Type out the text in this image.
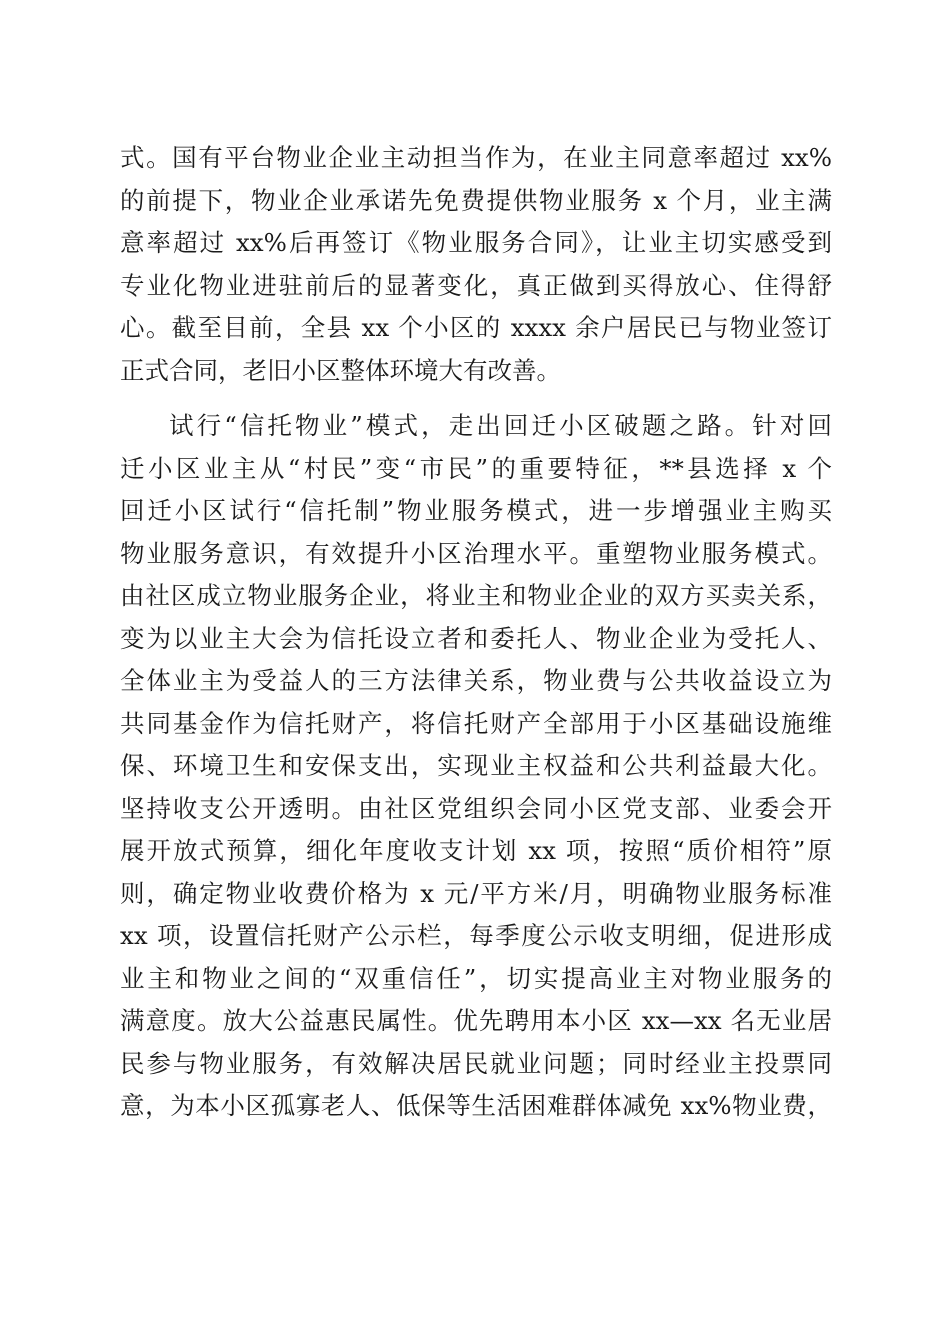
式。国有平台物业企业主动担当作为，在业主同意率超过 xx%
的前提下，物业企业承诺先免费提供物业服务 x 个月，业主满
意率超过 xx%后再签订《物业服务合同》，让业主切实感受到
专业化物业进驻前后的显著变化，真正做到买得放心、住得舒
心。截至目前，全县 xx 个小区的 xxxx 余户居民已与物业签订
正式合同，老旧小区整体环境大有改善。
试行“信托物业”模式，走出回迁小区破题之路。针对回
迁小区业主从“村民”变“市民”的重要特征，**县选择 x 个
回迁小区试行“信托制”物业服务模式，进一步增强业主购买
物业服务意识，有效提升小区治理水平。重塑物业服务模式。
由社区成立物业服务企业，将业主和物业企业的双方买卖关系，
变为以业主大会为信托设立者和委托人、物业企业为受托人、
全体业主为受益人的三方法律关系，物业费与公共收益设立为
共同基金作为信托财产，将信托财产全部用于小区基础设施维
保、环境卫生和安保支出，实现业主权益和公共利益最大化。
坚持收支公开透明。由社区党组织会同小区党支部、业委会开
展开放式预算，细化年度收支计划 xx 项，按照“质价相符”原
则，确定物业收费价格为 x 元/平方米/月，明确物业服务标准
xx 项，设置信托财产公示栏，每季度公示收支明细，促进形成
业主和物业之间的“双重信任”，切实提高业主对物业服务的
满意度。放大公益惠民属性。优先聘用本小区 xx—xx 名无业居
民参与物业服务，有效解决居民就业问题；同时经业主投票同
意，为本小区孤寡老人、低保等生活困难群体减免 xx%物业费，
